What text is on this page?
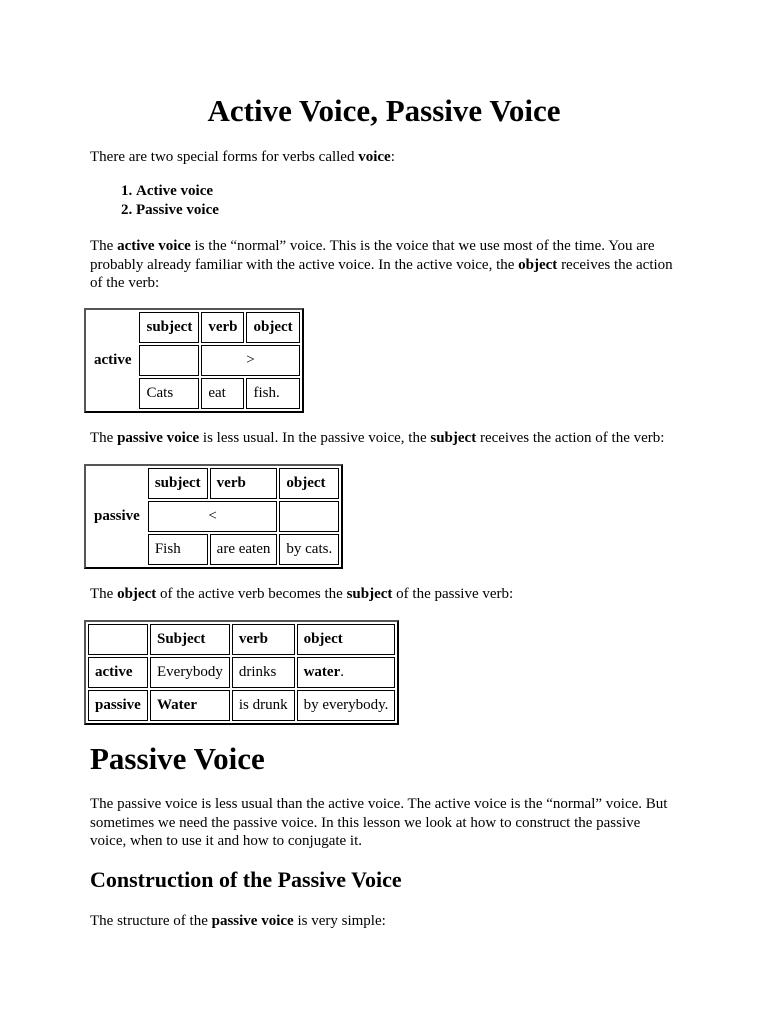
Active Voice, Passive Voice

There are two special forms for verbs called voice:

1. Active voice
2. Passive voice

The active voice is the “normal” voice. This is the voice that we use most of the time. You are probably already familiar with the active voice. In the active voice, the object receives the action of the verb:

active	subject	verb	object
		>	
	Cats	eat	fish.

The passive voice is less usual. In the passive voice, the subject receives the action of the verb:

passive	subject	verb	object
	<		
	Fish	are eaten	by cats.

The object of the active verb becomes the subject of the passive verb:

	Subject	verb	object
active	Everybody	drinks	water.
passive	Water	is drunk	by everybody.
Passive Voice

The passive voice is less usual than the active voice. The active voice is the “normal” voice. But sometimes we need the passive voice. In this lesson we look at how to construct the passive voice, when to use it and how to conjugate it.

Construction of the Passive Voice

The structure of the passive voice is very simple:
